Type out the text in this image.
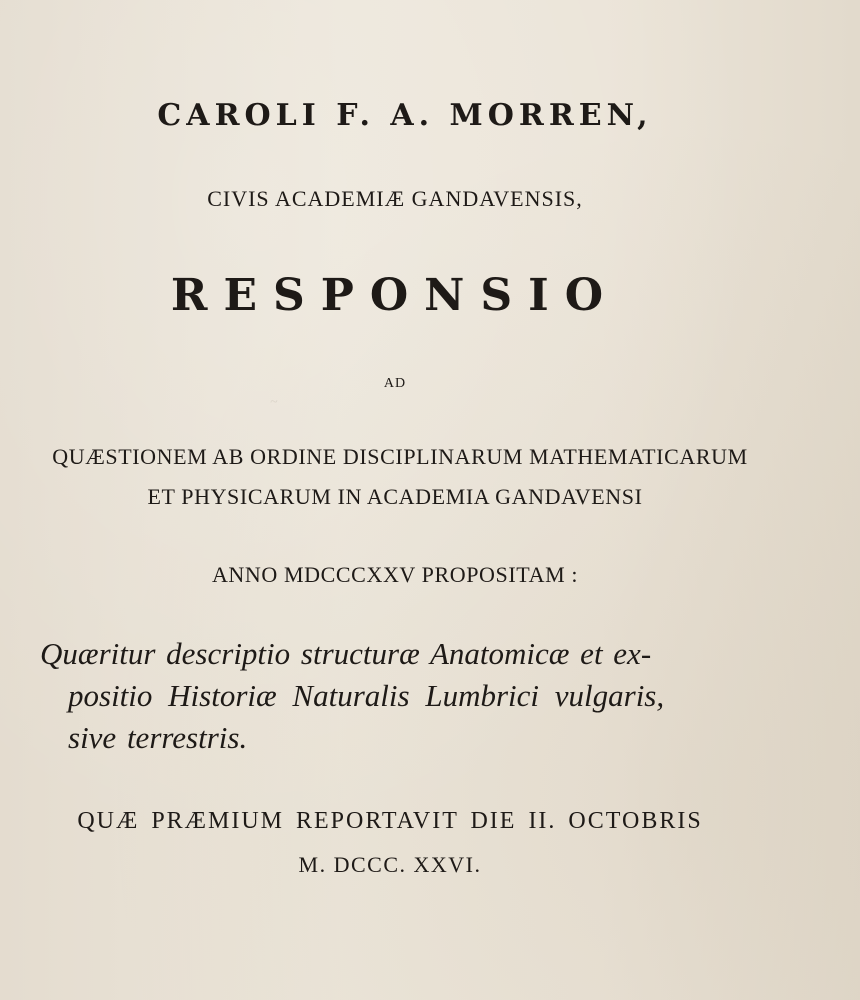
~
CAROLI F. A. MORREN,
CIVIS ACADEMIÆ GANDAVENSIS,
RESPONSIO
AD
QUÆSTIONEM AB ORDINE DISCIPLINARUM MATHEMATICARUM
ET PHYSICARUM IN ACADEMIA GANDAVENSI
ANNO MDCCCXXV PROPOSITAM :
Quæritur descriptio structuræ Anatomicæ et ex-
positio Historiæ Naturalis Lumbrici vulgaris,
sive terrestris.
QUÆ PRÆMIUM REPORTAVIT DIE II. OCTOBRIS
M. DCCC. XXVI.
